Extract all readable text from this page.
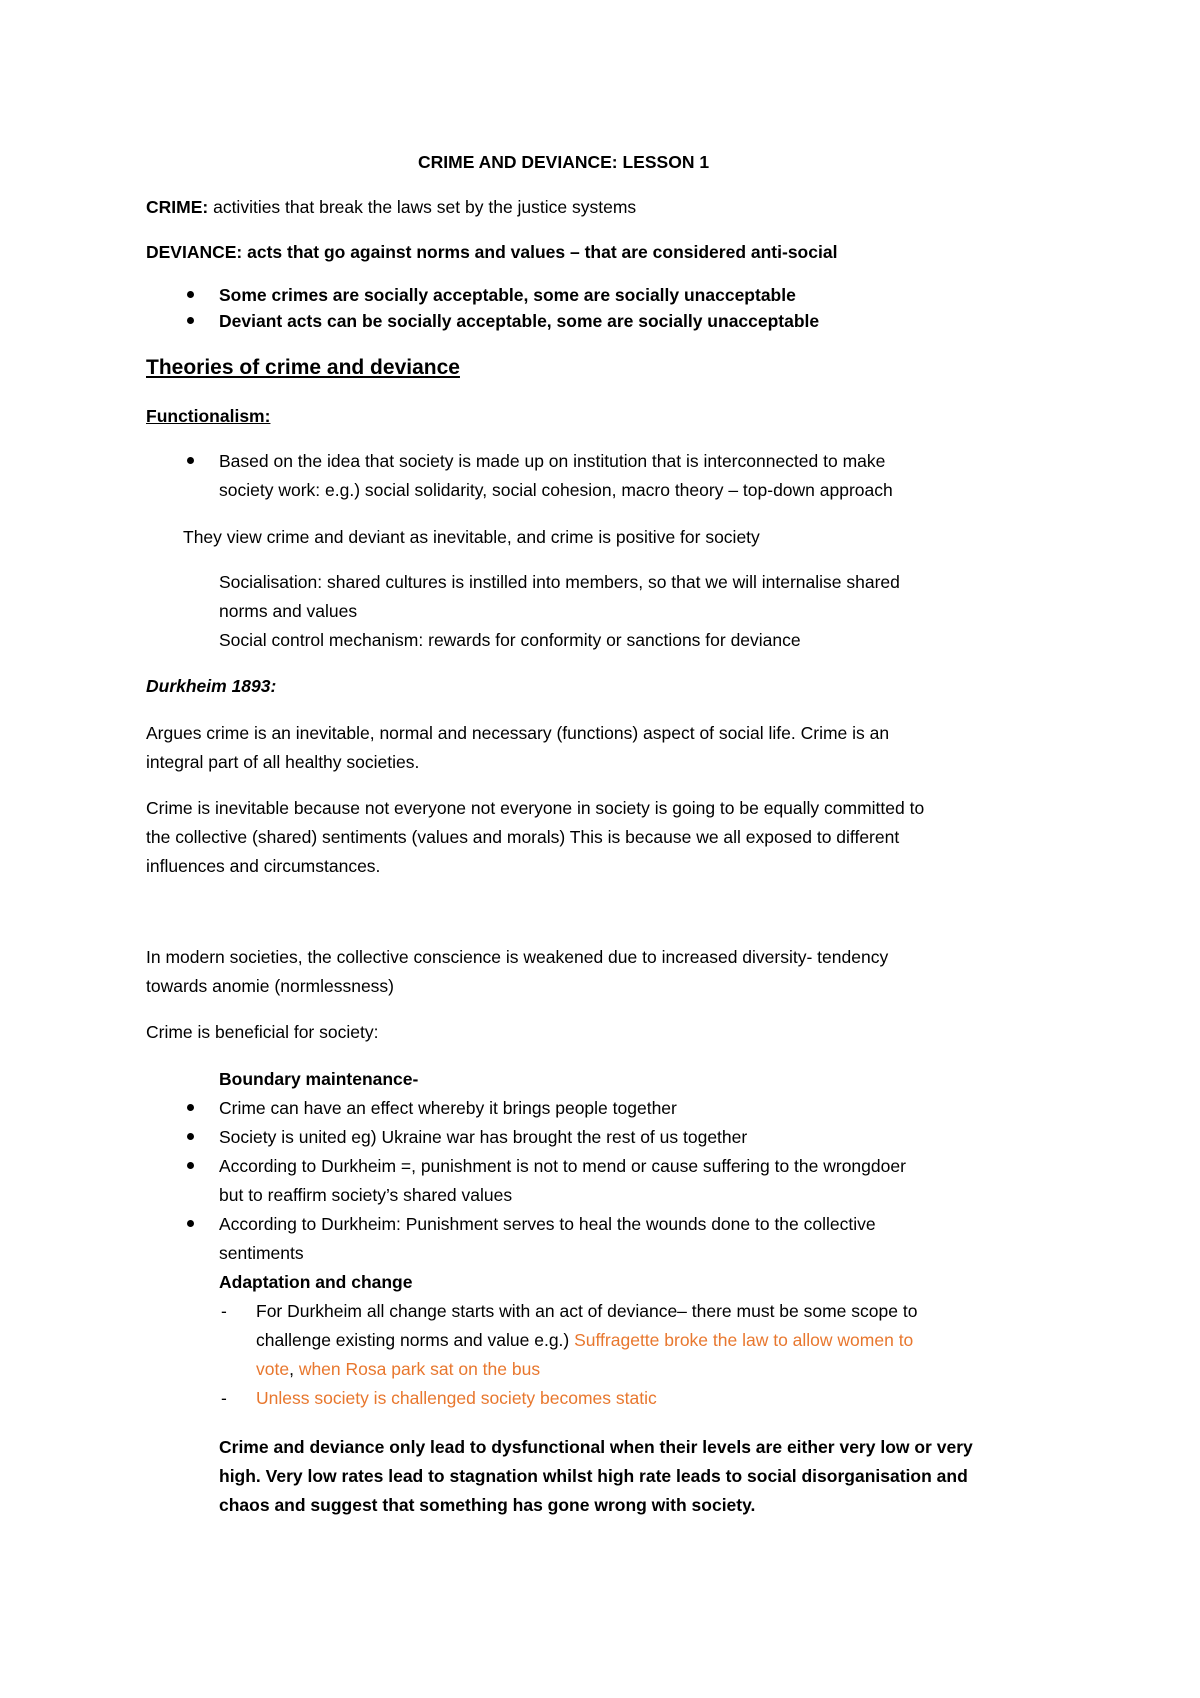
CRIME AND DEVIANCE: LESSON 1
CRIME: activities that break the laws set by the justice systems
DEVIANCE: acts that go against norms and values – that are considered anti-social
Some crimes are socially acceptable, some are socially unacceptable
Deviant acts can be socially acceptable, some are socially unacceptable
Theories of crime and deviance
Functionalism:
Based on the idea that society is made up on institution that is interconnected to make
society work: e.g.) social solidarity, social cohesion, macro theory – top-down approach
They view crime and deviant as inevitable, and crime is positive for society
Socialisation: shared cultures is instilled into members, so that we will internalise shared
norms and values
Social control mechanism: rewards for conformity or sanctions for deviance
Durkheim 1893:
Argues crime is an inevitable, normal and necessary (functions) aspect of social life. Crime is an
integral part of all healthy societies.
Crime is inevitable because not everyone not everyone in society is going to be equally committed to
the collective (shared) sentiments (values and morals) This is because we all exposed to different
influences and circumstances.
In modern societies, the collective conscience is weakened due to increased diversity- tendency
towards anomie (normlessness)
Crime is beneficial for society:
Boundary maintenance-
Crime can have an effect whereby it brings people together
Society is united eg) Ukraine war has brought the rest of us together
According to Durkheim =, punishment is not to mend or cause suffering to the wrongdoer
but to reaffirm society’s shared values
According to Durkheim: Punishment serves to heal the wounds done to the collective
sentiments
Adaptation and change
- For Durkheim all change starts with an act of deviance– there must be some scope to
challenge existing norms and value e.g.) Suffragette broke the law to allow women to
vote, when Rosa park sat on the bus
- Unless society is challenged society becomes static
Crime and deviance only lead to dysfunctional when their levels are either very low or very
high. Very low rates lead to stagnation whilst high rate leads to social disorganisation and
chaos and suggest that something has gone wrong with society.
